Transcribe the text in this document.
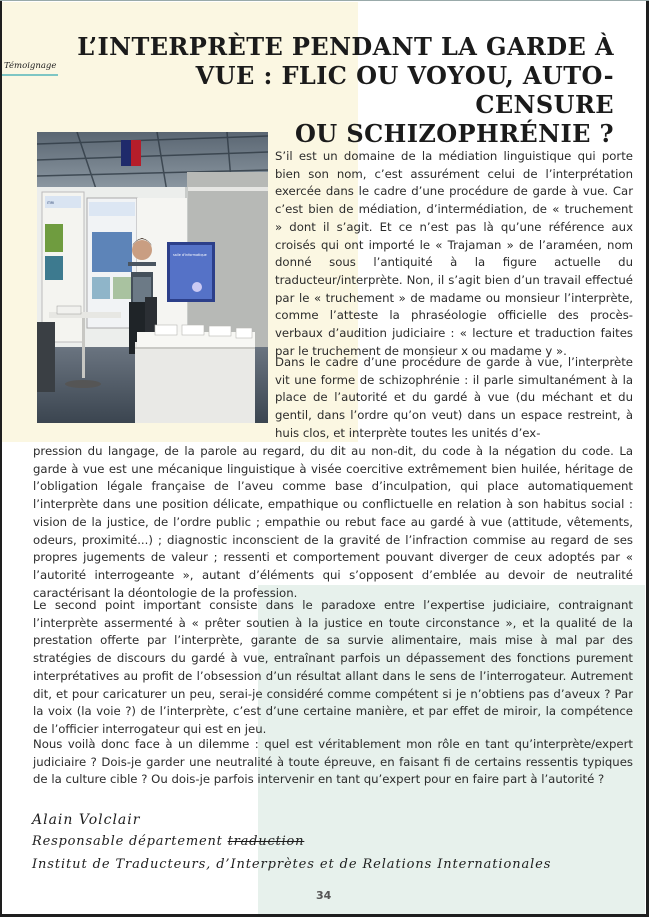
Témoignage
L’INTERPRÈTE PENDANT LA GARDE À
VUE : FLIC OU VOYOU, AUTO-CENSURE
OU SCHIZOPHRÉNIE ?
ITIRI
salle d'informatique

S’il est un domaine de la médiation linguistique qui porte bien son nom, c’est assurément celui de l’interprétation exercée dans le cadre d’une procédure de garde à vue. Car c’est bien de médiation, d’intermédiation, de « truchement » dont il s’agit. Et ce n’est pas là qu’une référence aux croisés qui ont importé le « Trajaman » de l’araméen, nom donné sous l’antiquité à la figure actuelle du traducteur/interprète. Non, il s’agit bien d’un travail effectué par le « truchement » de madame ou monsieur l’interprète, comme l’atteste la phraséologie officielle des procès-verbaux d’audition judiciaire : « lecture et traduction faites par le truchement de monsieur x ou madame y ».

Dans le cadre d’une procédure de garde à vue, l’interprète vit une forme de schizophrénie : il parle simultanément à la place de l’autorité et du gardé à vue (du méchant et du gentil, dans l’ordre qu’on veut) dans un espace restreint, à huis clos, et interprète toutes les unités d’ex-

pression du langage, de la parole au regard, du dit au non-dit, du code à la négation du code. La garde à vue est une mécanique linguistique à visée coercitive extrêmement bien huilée, héritage de l’obligation légale française de l’aveu comme base d’inculpation, qui place automatiquement l’interprète dans une position délicate, empathique ou conflictuelle en relation à son habitus social : vision de la justice, de l’ordre public ; empathie ou rebut face au gardé à vue (attitude, vêtements, odeurs, proximité...) ; diagnostic inconscient de la gravité de l’infraction commise au regard de ses propres jugements de valeur ; ressenti et comportement pouvant diverger de ceux adoptés par « l’autorité interrogeante », autant d’éléments qui s’opposent d’emblée au devoir de neutralité caractérisant la déontologie de la profession.

Le second point important consiste dans le paradoxe entre l’expertise judiciaire, contraignant l’interprète assermenté à « prêter soutien à la justice en toute circonstance », et la qualité de la prestation offerte par l’interprète, garante de sa survie alimentaire, mais mise à mal par des stratégies de discours du gardé à vue, entraînant parfois un dépassement des fonctions purement interprétatives au profit de l’obsession d’un résultat allant dans le sens de l’interrogateur. Autrement dit, et pour caricaturer un peu, serai-je considéré comme compétent si je n’obtiens pas d’aveux ? Par la voix (la voie ?) de l’interprète, c’est d’une certaine manière, et par effet de miroir, la compétence de l’officier interrogateur qui est en jeu.

Nous voilà donc face à un dilemme : quel est véritablement mon rôle en tant qu’interprète/expert judiciaire ? Dois-je garder une neutralité à toute épreuve, en faisant fi de certains ressentis typiques de la culture cible ? Ou dois-je parfois intervenir en tant qu’expert pour en faire part à l’autorité ?

Alain Volclair
Responsable département traduction
Institut de Traducteurs, d’Interprètes et de Relations Internationales
34
